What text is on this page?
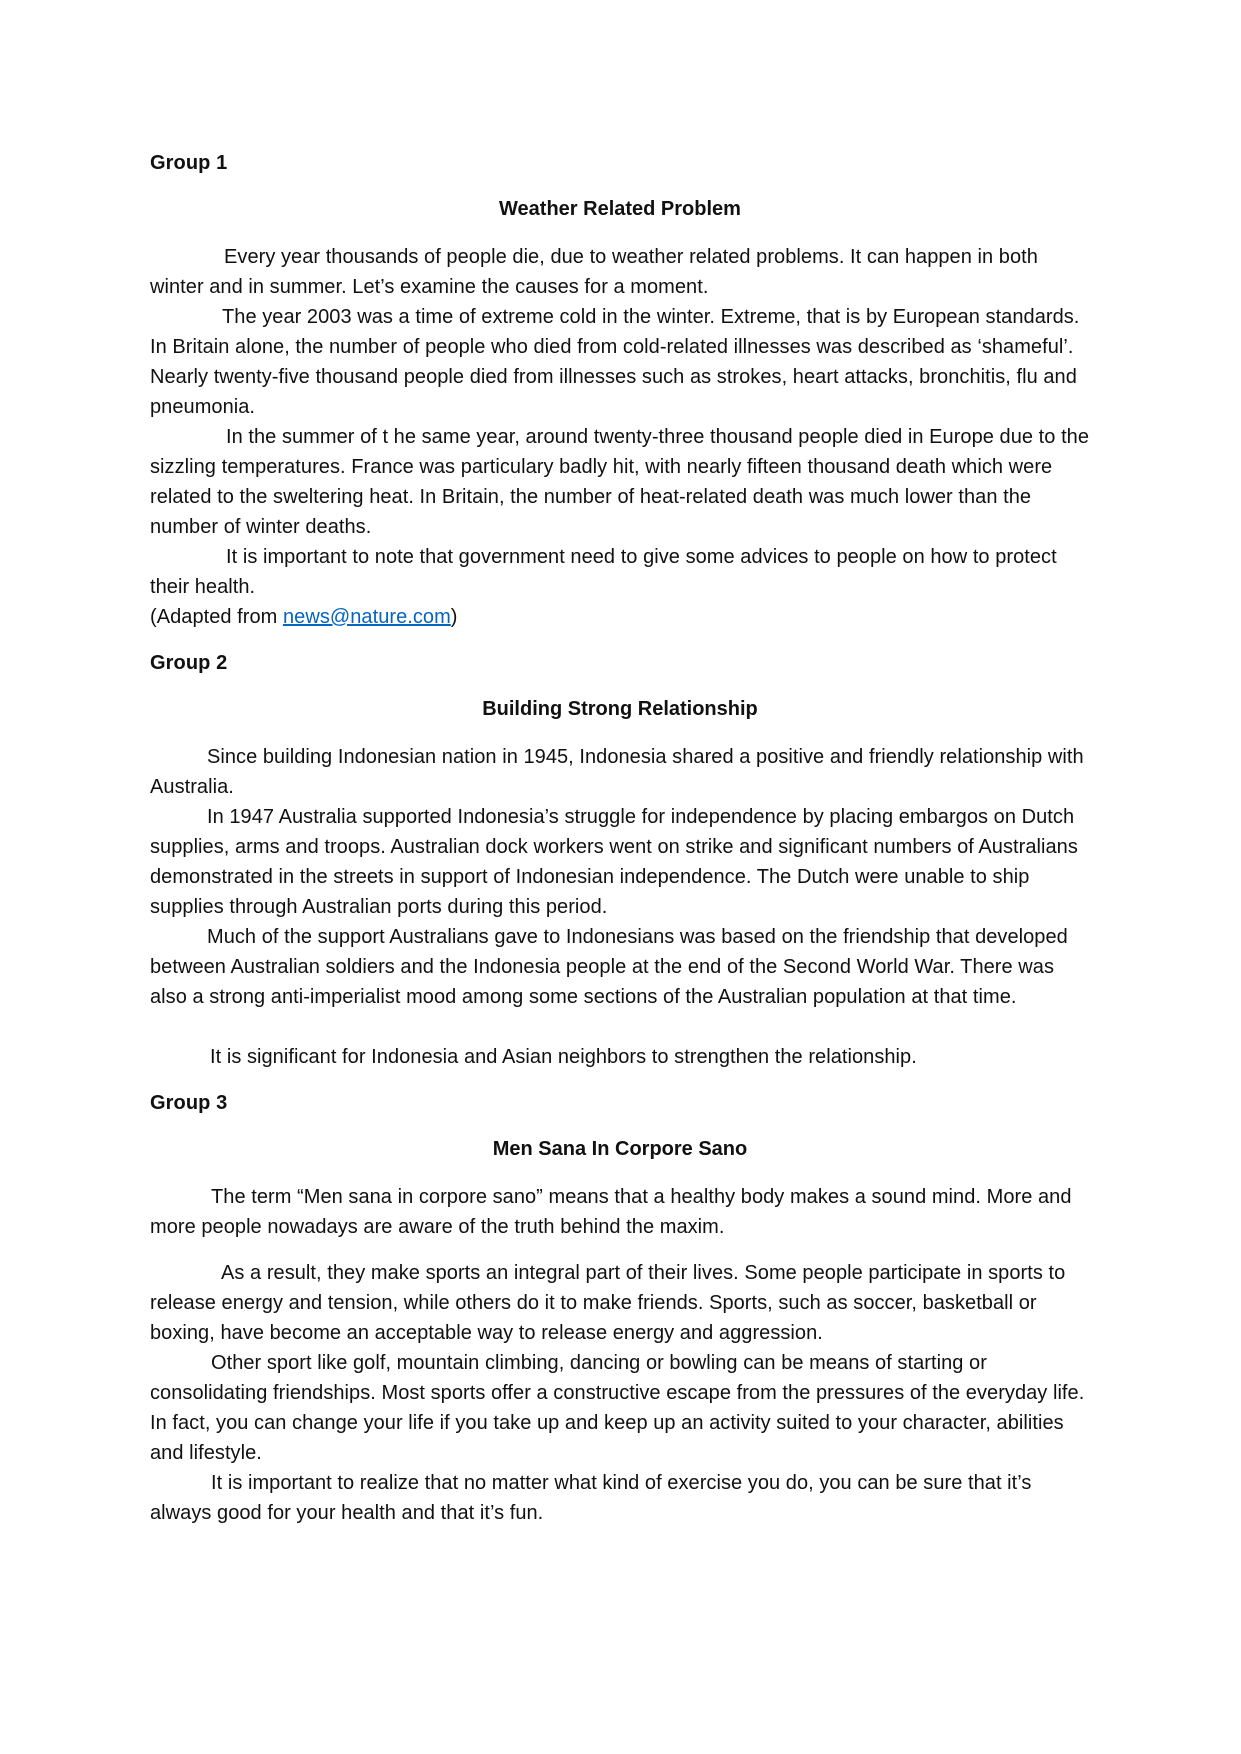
Group 1
Weather Related Problem
Every year thousands of people die, due to weather related problems. It can happen in both winter and in summer. Let’s examine the causes for a moment.
The year 2003 was a time of extreme cold in the winter. Extreme, that is by European standards. In Britain alone, the number of people who died from cold-related illnesses was described as ‘shameful’. Nearly twenty-five thousand people died from illnesses such as strokes, heart attacks, bronchitis, flu and pneumonia.
In the summer of t he same year, around twenty-three thousand people died in Europe due to the sizzling temperatures. France was particulary badly hit, with nearly fifteen thousand death which were related to the sweltering heat. In Britain, the number of heat-related death was much lower than the number of winter deaths.
It is important to note that government need to give some advices to people on how to protect their health.
(Adapted from news@nature.com)
Group 2
Building Strong Relationship
Since building Indonesian nation in 1945, Indonesia shared a positive and friendly relationship with Australia.
In 1947 Australia supported Indonesia’s struggle for independence by placing embargos on Dutch supplies, arms and troops. Australian dock workers went on strike and significant numbers of Australians demonstrated in the streets in support of Indonesian independence. The Dutch were unable to ship supplies through Australian ports during this period.
Much of the support Australians gave to Indonesians was based on the friendship that developed between Australian soldiers and the Indonesia people at the end of the Second World War. There was also a strong anti-imperialist mood among some sections of the Australian population at that time.
It is significant for Indonesia and Asian neighbors to strengthen the relationship.
Group 3
Men Sana In Corpore Sano
The term “Men sana in corpore sano” means that a healthy body makes a sound mind. More and more people nowadays are aware of the truth behind the maxim.
As a result, they make sports an integral part of their lives. Some people participate in sports to release energy and tension, while others do it to make friends. Sports, such as soccer, basketball or boxing, have become an acceptable way to release energy and aggression.
Other sport like golf, mountain climbing, dancing or bowling can be means of starting or consolidating friendships. Most sports offer a constructive escape from the pressures of the everyday life. In fact, you can change your life if you take up and keep up an activity suited to your character, abilities and lifestyle.
It is important to realize that no matter what kind of exercise you do, you can be sure that it’s always good for your health and that it’s fun.
